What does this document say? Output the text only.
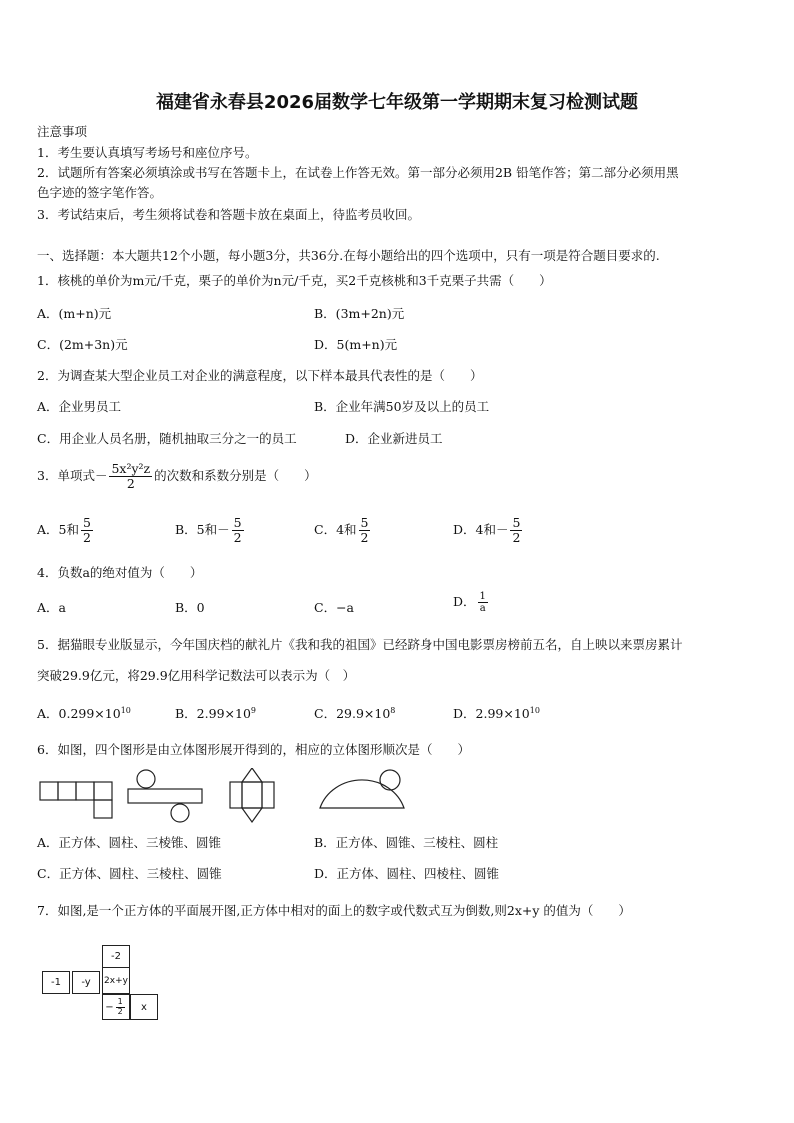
福建省永春县2026届数学七年级第一学期期末复习检测试题
注意事项
1．考生要认真填写考场号和座位序号。
2．试题所有答案必须填涂或书写在答题卡上，在试卷上作答无效。第一部分必须用2B 铅笔作答；第二部分必须用黑
色字迹的签字笔作答。
3．考试结束后，考生须将试卷和答题卡放在桌面上，待监考员收回。
一、选择题：本大题共12个小题，每小题3分，共36分.在每小题给出的四个选项中，只有一项是符合题目要求的.
1．核桃的单价为m元/千克，栗子的单价为n元/千克，买2千克核桃和3千克栗子共需（　　）
A．(m+n)元	B．(3m+2n)元
C．(2m+3n)元	D．5(m+n)元
2．为调查某大型企业员工对企业的满意程度，以下样本最具代表性的是（　　）
A．企业男员工	B．企业年满50岁及以上的员工
C．用企业人员名册，随机抽取三分之一的员工	D．企业新进员工
3．单项式－ $\frac{\text{5x²y²z}}{2}$ 的次数和系数分别是（　　）
A．5和 $\frac{5}{2}$	B．5和－ $\frac{5}{2}$	C．4和 $\frac{5}{2}$	D．4和－ $\frac{5}{2}$
4．负数a的绝对值为（　　）
A．a	B．0	C．−a	D． $\frac{1}{a}$
5．据猫眼专业版显示，今年国庆档的献礼片《我和我的祖国》已经跻身中国电影票房榜前五名，自上映以来票房累计
突破29.9亿元，将29.9亿用科学记数法可以表示为（　）
A．$0.299\times 10^{10}$	B．$2.99\times 10^9$	C．$29.9\times 10^8$	D．$2.99\times 10^{10}$
6．如图，四个图形是由立体图形展开得到的，相应的立体图形顺次是（　　）
A．正方体、圆柱、三棱锥、圆锥	B．正方体、圆锥、三棱柱、圆柱
C．正方体、圆柱、三棱柱、圆锥	D．正方体、圆柱、四棱柱、圆锥
7．如图,是一个正方体的平面展开图,正方体中相对的面上的数字或代数式互为倒数,则2x+y 的值为（　　）
-2
-1	-y	2x+y
− $\frac{1}{2}$	x
